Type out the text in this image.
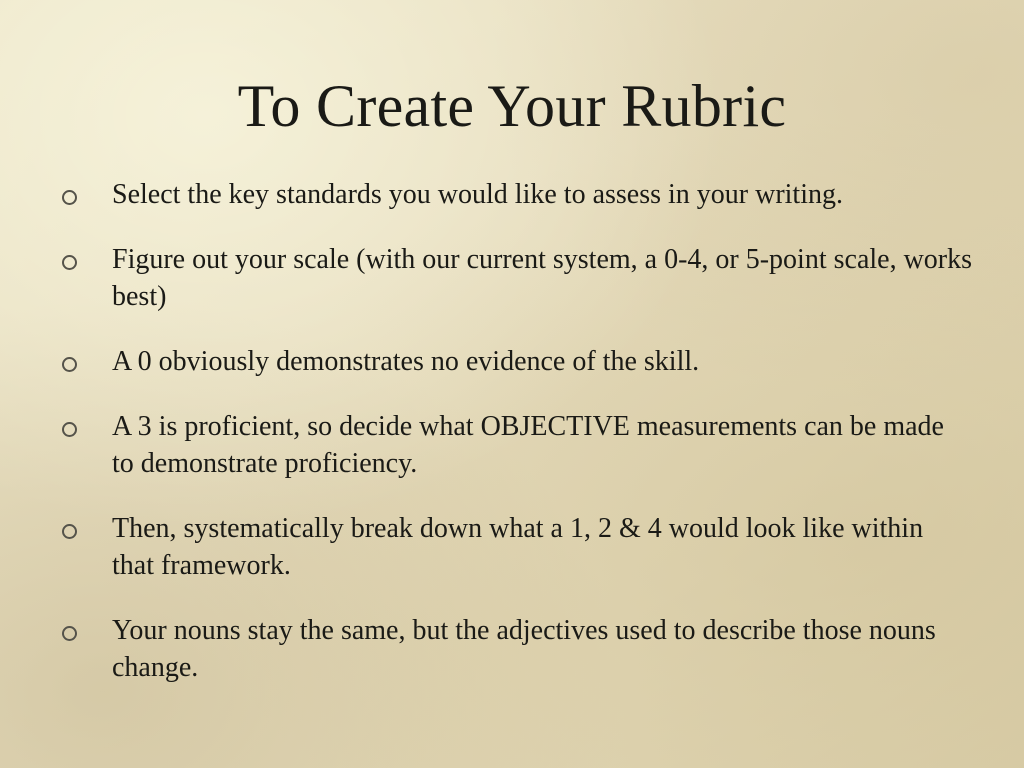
To Create Your Rubric
Select the key standards you would like to assess in your writing.
Figure out your scale (with our current system, a 0-4, or 5-point scale, works best)
A 0 obviously demonstrates no evidence of the skill.
A 3 is proficient, so decide what OBJECTIVE measurements can be made to demonstrate proficiency.
Then, systematically break down what a 1, 2 & 4 would look like within that framework.
Your nouns stay the same, but the adjectives used to describe those nouns change.
